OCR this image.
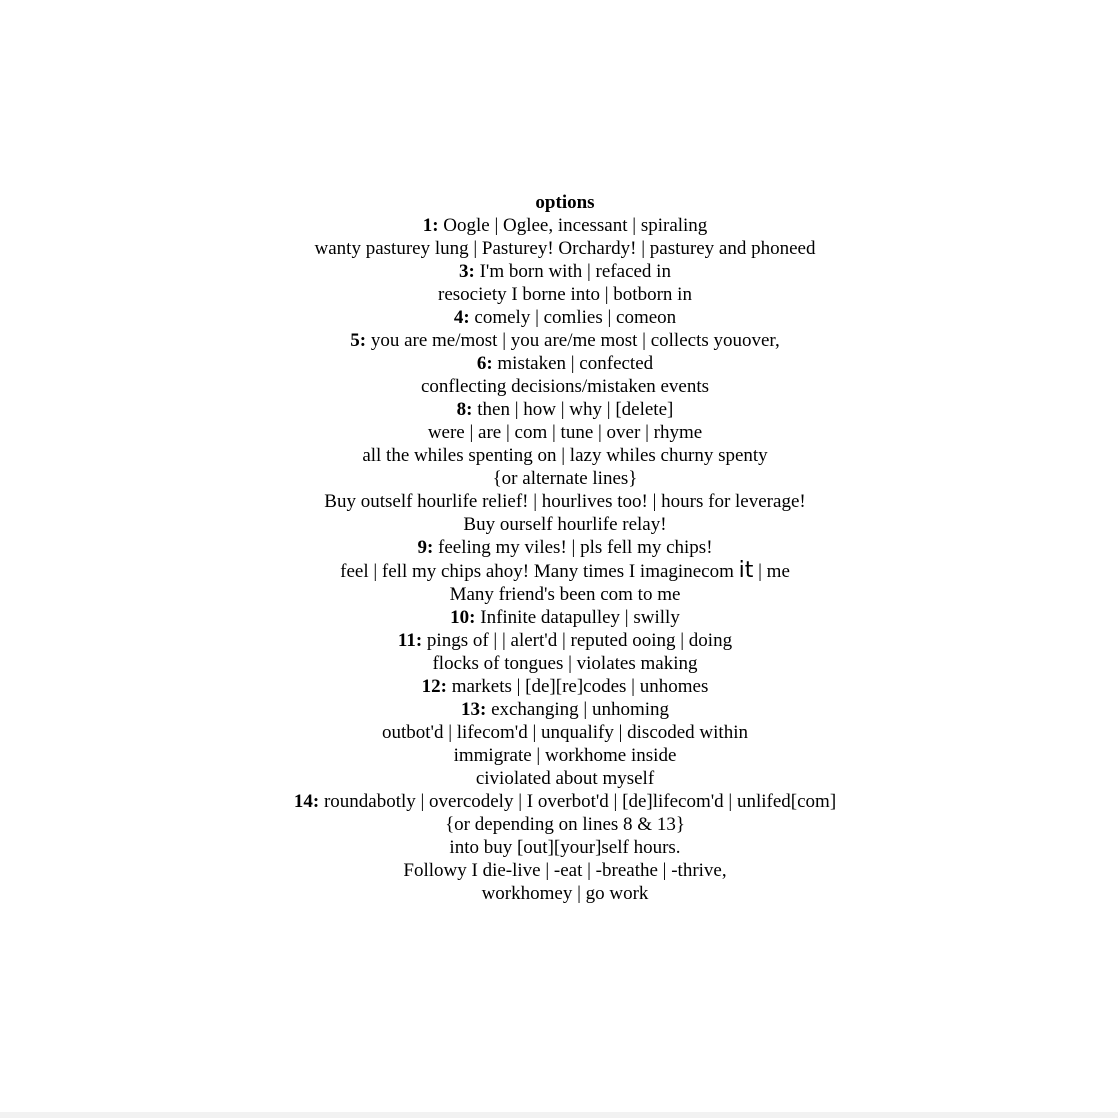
options
1: Oogle | Oglee, incessant | spiraling
wanty pasturey lung | Pasturey! Orchardy! | pasturey and phoneed
3: I'm born with | refaced in
resociety I borne into | botborn in
4: comely | comlies | comeon
5: you are me/most | you are/me most | collects youover,
6: mistaken | confected
conflecting decisions/mistaken events
8: then | how | why | [delete]
were | are | com | tune | over | rhyme
all the whiles spenting on | lazy whiles churny spenty
{or alternate lines}
Buy outself hourlife relief! | hourlives too! | hours for leverage!
Buy ourself hourlife relay!
9: feeling my viles! | pls fell my chips!
feel | fell my chips ahoy! Many times I imaginecom it | me
Many friend's been com to me
10: Infinite datapulley | swilly
11: pings of | | alert'd | reputed ooing | doing
flocks of tongues | violates making
12: markets | [de][re]codes | unhomes
13: exchanging | unhoming
outbot'd | lifecom'd | unqualify | discoded within
immigrate | workhome inside
civiolated about myself
14: roundabotly | overcodely | I overbot'd | [de]lifecom'd | unlifed[com]
{or depending on lines 8 & 13}
into buy [out][your]self hours.
Followy I die-live | -eat | -breathe | -thrive,
workhomey | go work
